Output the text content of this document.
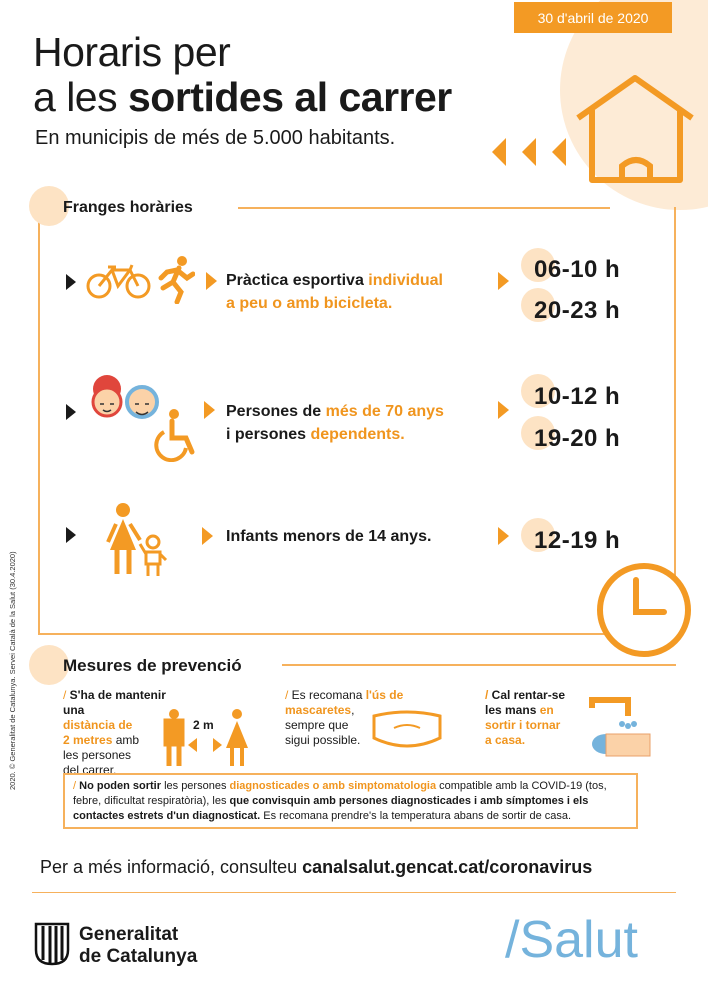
30 d'abril de 2020
Horaris per
a les sortides al carrer
En municipis de més de 5.000 habitants.
Franges horàries
Pràctica esportiva individual
a peu o amb bicicleta.
06-10 h
20-23 h
Persones de més de 70 anys
i persones dependents.
10-12 h
19-20 h
Infants menors de 14 anys.	12-19 h
Mesures de prevenció
/ S'ha de mantenir una
distància de
2 metres amb
les persones
del carrer.
2 m
/ Es recomana l'ús de
mascaretes,
sempre que
sigui possible.
/ Cal rentar-se
les mans en
sortir i tornar
a casa.
/ No poden sortir les persones diagnosticades o amb simptomatologia compatible amb la COVID-19 (tos, febre, dificultat respiratòria), les que convisquin amb persones diagnosticades i amb símptomes i els contactes estrets d'un diagnosticat. Es recomana prendre's la temperatura abans de sortir de casa.
Per a més informació, consulteu canalsalut.gencat.cat/coronavirus
Generalitat
de Catalunya	/Salut
2020. © Generalitat de Catalunya. Servei Català de la Salut (30.4.2020)
